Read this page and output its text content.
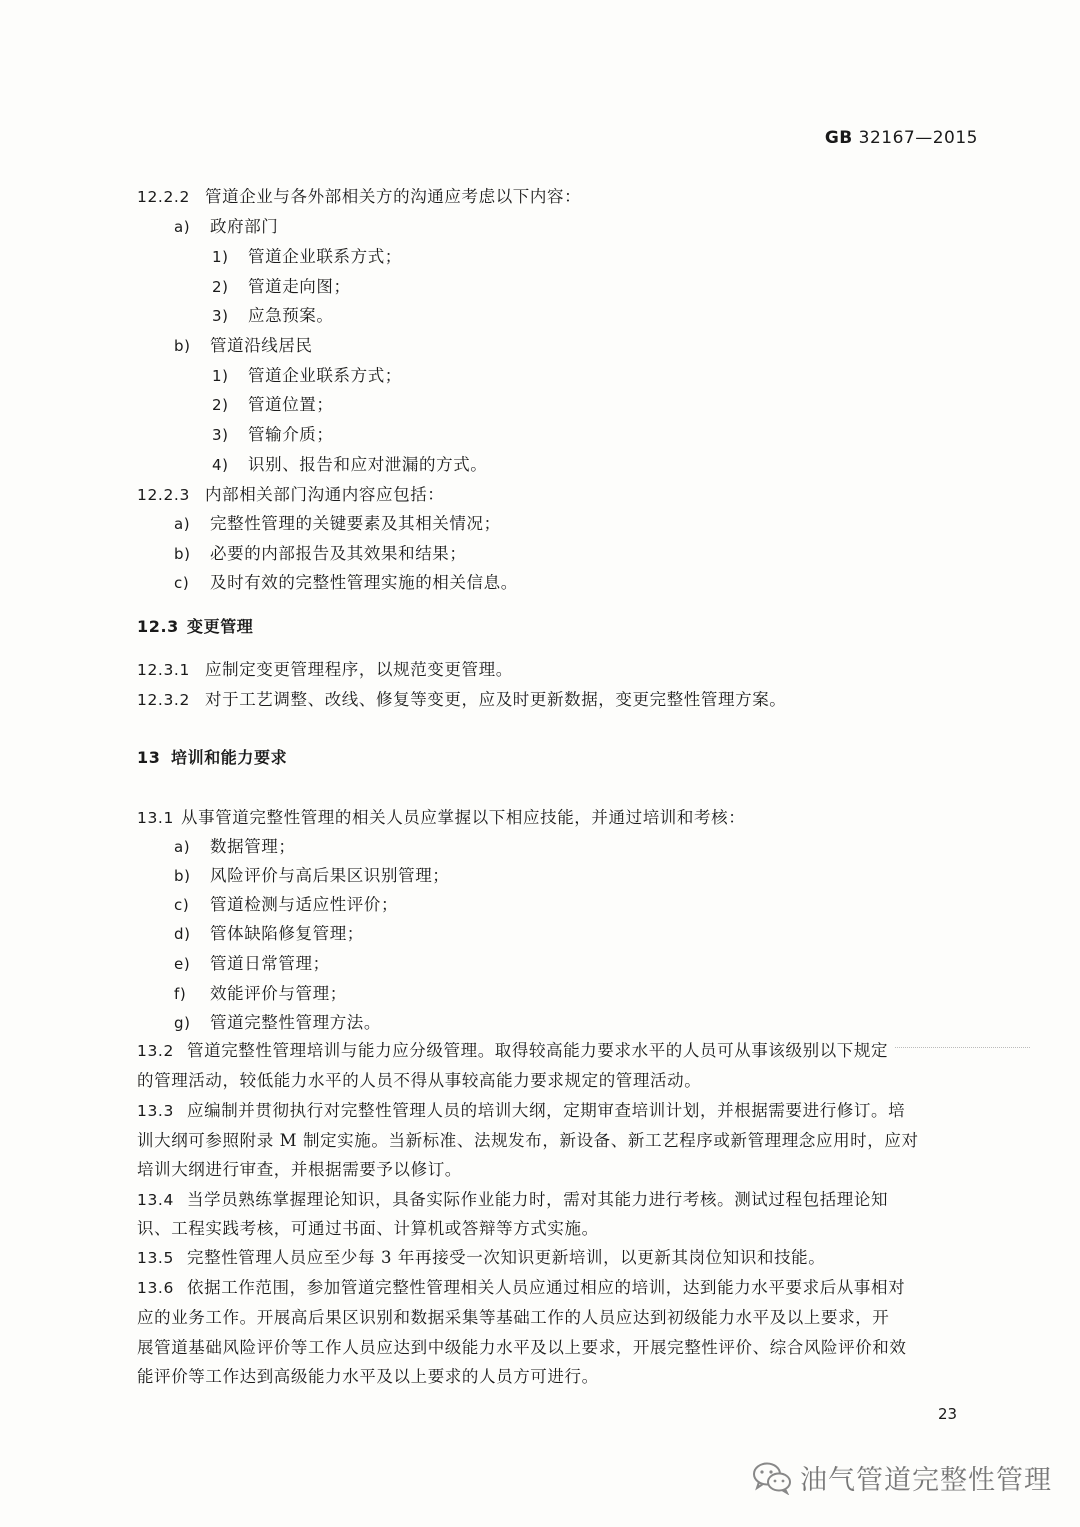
GB 32167—2015
12.2.2 管道企业与各外部相关方的沟通应考虑以下内容：
a) 政府部门
1) 管道企业联系方式；
2) 管道走向图；
3) 应急预案。
b) 管道沿线居民
1) 管道企业联系方式；
2) 管道位置；
3) 管输介质；
4) 识别、报告和应对泄漏的方式。
12.2.3 内部相关部门沟通内容应包括：
a) 完整性管理的关键要素及其相关情况；
b) 必要的内部报告及其效果和结果；
c) 及时有效的完整性管理实施的相关信息。
12.3 变更管理
12.3.1 应制定变更管理程序，以规范变更管理。
12.3.2 对于工艺调整、改线、修复等变更，应及时更新数据，变更完整性管理方案。
13 培训和能力要求
13.1 从事管道完整性管理的相关人员应掌握以下相应技能，并通过培训和考核：
a) 数据管理；
b) 风险评价与高后果区识别管理；
c) 管道检测与适应性评价；
d) 管体缺陷修复管理；
e) 管道日常管理；
f) 效能评价与管理；
g) 管道完整性管理方法。
13.2 管道完整性管理培训与能力应分级管理。取得较高能力要求水平的人员可从事该级别以下规定
的管理活动，较低能力水平的人员不得从事较高能力要求规定的管理活动。
13.3 应编制并贯彻执行对完整性管理人员的培训大纲，定期审查培训计划，并根据需要进行修订。培
训大纲可参照附录 M 制定实施。当新标准、法规发布，新设备、新工艺程序或新管理理念应用时，应对
培训大纲进行审查，并根据需要予以修订。
13.4 当学员熟练掌握理论知识，具备实际作业能力时，需对其能力进行考核。测试过程包括理论知
识、工程实践考核，可通过书面、计算机或答辩等方式实施。
13.5 完整性管理人员应至少每 3 年再接受一次知识更新培训，以更新其岗位知识和技能。
13.6 依据工作范围，参加管道完整性管理相关人员应通过相应的培训，达到能力水平要求后从事相对
应的业务工作。开展高后果区识别和数据采集等基础工作的人员应达到初级能力水平及以上要求，开
展管道基础风险评价等工作人员应达到中级能力水平及以上要求，开展完整性评价、综合风险评价和效
能评价等工作达到高级能力水平及以上要求的人员方可进行。
23
油气管道完整性管理
